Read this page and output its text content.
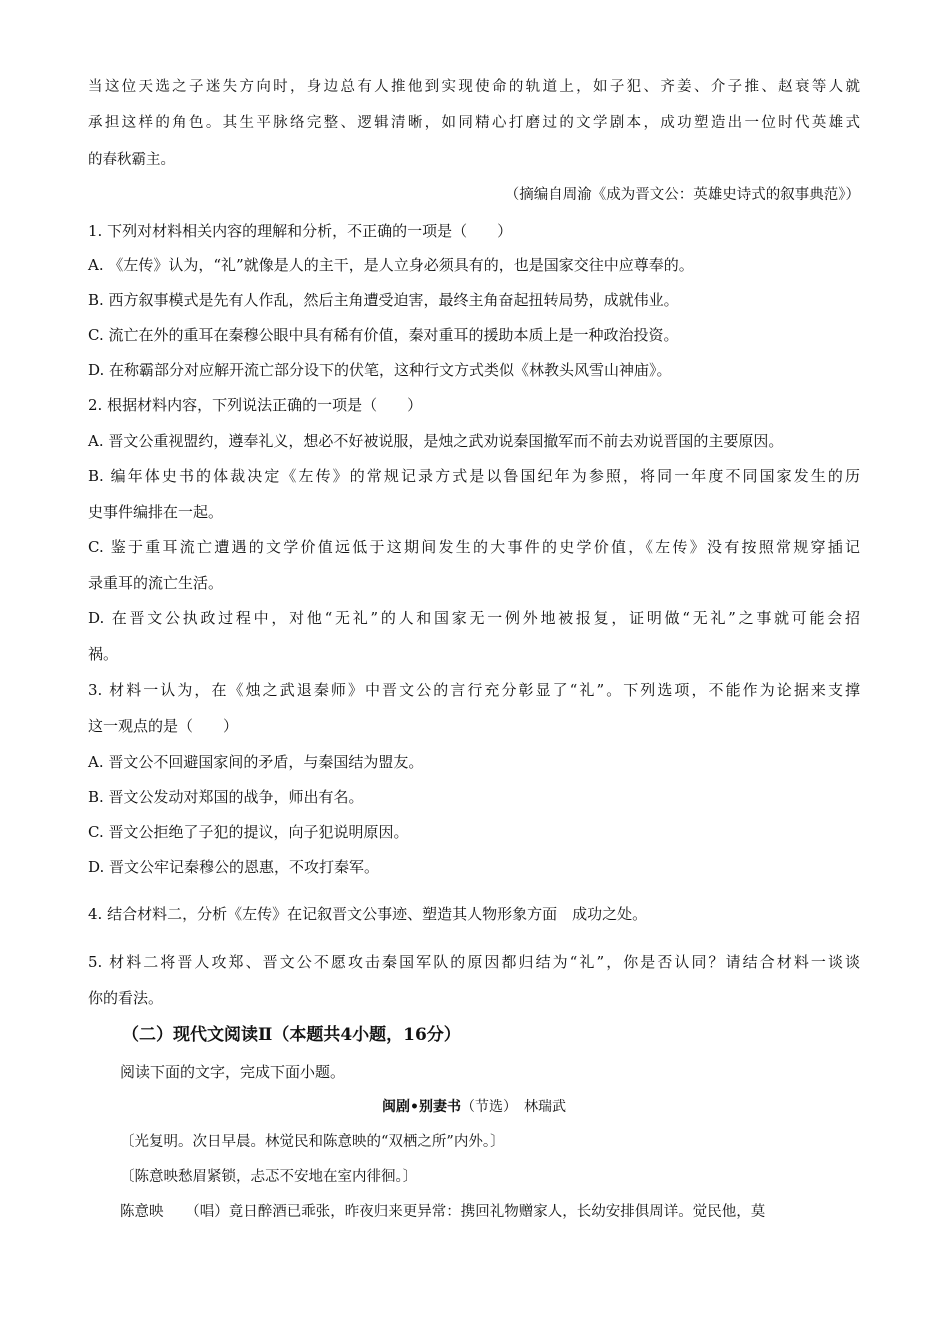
当这位天选之子迷失方向时，身边总有人推他到实现使命的轨道上，如子犯、齐姜、介子推、赵衰等人就
承担这样的角色。其生平脉络完整、逻辑清晰，如同精心打磨过的文学剧本，成功塑造出一位时代英雄式
的春秋霸主。
（摘编自周渝《成为晋文公：英雄史诗式的叙事典范》）
1. 下列对材料相关内容的理解和分析，不正确的一项是（　　）
A. 《左传》认为，“礼”就像是人的主干，是人立身必须具有的，也是国家交往中应尊奉的。
B. 西方叙事模式是先有人作乱，然后主角遭受迫害，最终主角奋起扭转局势，成就伟业。
C. 流亡在外的重耳在秦穆公眼中具有稀有价值，秦对重耳的援助本质上是一种政治投资。
D. 在称霸部分对应解开流亡部分设下的伏笔，这种行文方式类似《林教头风雪山神庙》。
2. 根据材料内容，下列说法正确的一项是（　　）
A. 晋文公重视盟约，遵奉礼义，想必不好被说服，是烛之武劝说秦国撤军而不前去劝说晋国的主要原因。
B. 编年体史书的体裁决定《左传》的常规记录方式是以鲁国纪年为参照，将同一年度不同国家发生的历
史事件编排在一起。
C. 鉴于重耳流亡遭遇的文学价值远低于这期间发生的大事件的史学价值，《左传》没有按照常规穿插记
录重耳的流亡生活。
D. 在晋文公执政过程中，对他“无礼”的人和国家无一例外地被报复，证明做“无礼”之事就可能会招
祸。
3. 材料一认为，在《烛之武退秦师》中晋文公的言行充分彰显了“礼”。下列选项，不能作为论据来支撑
这一观点的是（　　）
A. 晋文公不回避国家间的矛盾，与秦国结为盟友。
B. 晋文公发动对郑国的战争，师出有名。
C. 晋文公拒绝了子犯的提议，向子犯说明原因。
D. 晋文公牢记秦穆公的恩惠，不攻打秦军。
4. 结合材料二，分析《左传》在记叙晋文公事迹、塑造其人物形象方面　成功之处。
5. 材料二将晋人攻郑、晋文公不愿攻击秦国军队的原因都归结为“礼”，你是否认同？请结合材料一谈谈
你的看法。
（二）现代文阅读Ⅱ（本题共4小题，16分）
阅读下面的文字，完成下面小题。
闽剧•别妻书（节选）　 林瑞武
〔光复明。次日早晨。林觉民和陈意映的“双栖之所”内外。〕
〔陈意映愁眉紧锁，忐忑不安地在室内徘徊。〕
陈意映　  （唱）竟日醉酒已乖张，昨夜归来更异常：携回礼物赠家人，长幼安排俱周详。觉民他，莫
